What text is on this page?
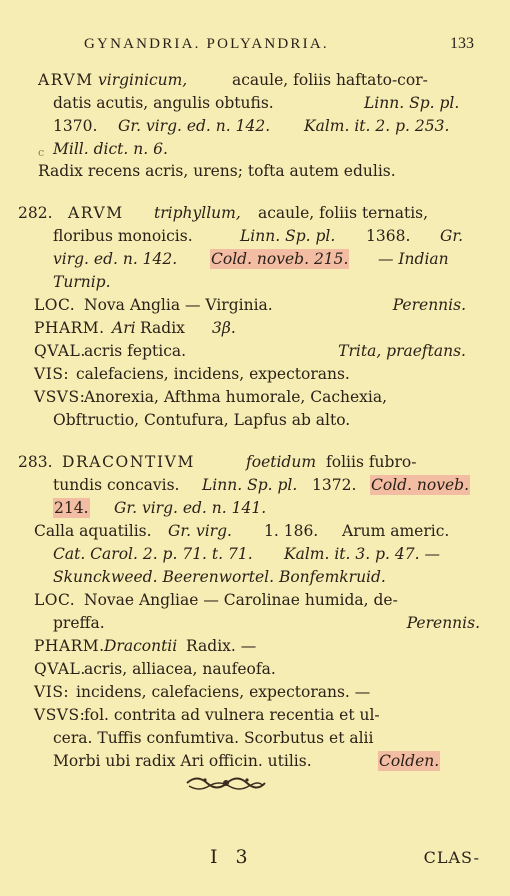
GYNANDRIA. POLYANDRIA.	133
ARVM virginicum,	acaule, foliis haftato-cor-
datis acutis, angulis obtufis.	Linn. Sp. pl.
1370. Gr. virg. ed. n. 142. Kalm. it. 2. p. 253.
c Mill. dict. n. 6.
Radix recens acris, urens; tofta autem edulis.
282. ARVM triphyllum, acaule, foliis ternatis,
floribus monoicis.	Linn. Sp. pl. 1368. Gr.
virg. ed. n. 142. Cold. noveb. 215. — Indian
Turnip.
LOC. Nova Anglia — Virginia.	Perennis.
PHARM. Ari Radix 3β.
QVAL.
acris feptica.	Trita, praeftans.
VIS: calefaciens, incidens, expectorans.
VSVS:
Anorexia, Afthma humorale, Cachexia,
Obftructio, Contufura, Lapfus ab alto.
283. DRACONTIVM	foetidum foliis fubro-
tundis concavis. Linn. Sp. pl. 1372. Cold. noveb.
214. Gr. virg. ed. n. 141.
Calla aquatilis. Gr. virg. 1. 186. Arum americ.
Cat. Carol. 2. p. 71. t. 71. Kalm. it. 3. p. 47. —
Skunckweed. Beerenwortel. Bonfemkruid.
LOC. Novae Angliae — Carolinae humida, de-
preffa.	Perennis.
PHARM. Dracontii Radix. —
QVAL.
acris, alliacea, naufeofa.
VIS: incidens, calefaciens, expectorans. —
VSVS:
fol. contrita ad vulnera recentia et ul-
cera. Tuffis confumtiva. Scorbutus et alii
Morbi ubi radix Ari officin. utilis.	Colden.
I 3	CLAS-
